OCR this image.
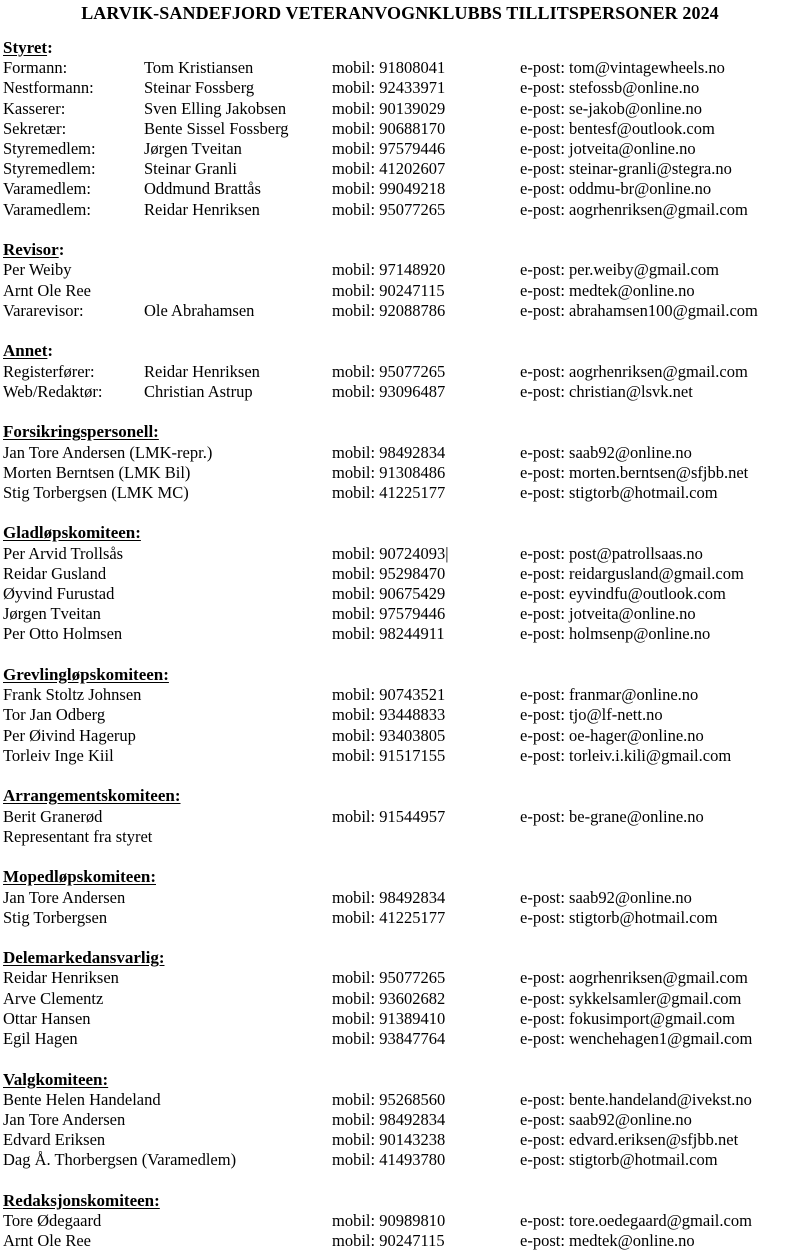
LARVIK-SANDEFJORD VETERANVOGNKLUBBS TILLITSPERSONER 2024
Styret:
Formann:	Tom Kristiansen	mobil: 91808041	e-post: tom@vintagewheels.no
Nestformann:	Steinar Fossberg	mobil: 92433971	e-post: stefossb@online.no
Kasserer:	Sven Elling Jakobsen	mobil: 90139029	e-post: se-jakob@online.no
Sekretær:	Bente Sissel Fossberg	mobil: 90688170	e-post: bentesf@outlook.com
Styremedlem:	Jørgen Tveitan	mobil: 97579446	e-post: jotveita@online.no
Styremedlem:	Steinar Granli	mobil: 41202607	e-post: steinar-granli@stegra.no
Varamedlem:	Oddmund Brattås	mobil: 99049218	e-post: oddmu-br@online.no
Varamedlem:	Reidar Henriksen	mobil: 95077265	e-post: aogrhenriksen@gmail.com
Revisor:
Per Weiby	mobil: 97148920	e-post: per.weiby@gmail.com
Arnt Ole Ree	mobil: 90247115	e-post: medtek@online.no
Vararevisor:	Ole Abrahamsen	mobil: 92088786	e-post: abrahamsen100@gmail.com
Annet:
Registerfører:	Reidar Henriksen	mobil: 95077265	e-post: aogrhenriksen@gmail.com
Web/Redaktør:	Christian Astrup	mobil: 93096487	e-post: christian@lsvk.net
Forsikringspersonell:
Jan Tore Andersen (LMK-repr.)	mobil: 98492834	e-post: saab92@online.no
Morten Berntsen (LMK Bil)	mobil: 91308486	e-post: morten.berntsen@sfjbb.net
Stig Torbergsen (LMK MC)	mobil: 41225177	e-post: stigtorb@hotmail.com
Gladløpskomiteen:
Per Arvid Trollsås	mobil: 90724093|	e-post: post@patrollsaas.no
Reidar Gusland	mobil: 95298470	e-post: reidargusland@gmail.com
Øyvind Furustad	mobil: 90675429	e-post: eyvindfu@outlook.com
Jørgen Tveitan	mobil: 97579446	e-post: jotveita@online.no
Per Otto Holmsen	mobil: 98244911	e-post: holmsenp@online.no
Grevlingløpskomiteen:
Frank Stoltz Johnsen	mobil: 90743521	e-post: franmar@online.no
Tor Jan Odberg	mobil: 93448833	e-post: tjo@lf-nett.no
Per Øivind Hagerup	mobil: 93403805	e-post: oe-hager@online.no
Torleiv Inge Kiil	mobil: 91517155	e-post: torleiv.i.kili@gmail.com
Arrangementskomiteen:
Berit Granerød	mobil: 91544957	e-post: be-grane@online.no
Representant fra styret
Mopedløpskomiteen:
Jan Tore Andersen	mobil: 98492834	e-post: saab92@online.no
Stig Torbergsen	mobil: 41225177	e-post: stigtorb@hotmail.com
Delemarkedansvarlig:
Reidar Henriksen	mobil: 95077265	e-post: aogrhenriksen@gmail.com
Arve Clementz	mobil: 93602682	e-post: sykkelsamler@gmail.com
Ottar Hansen	mobil: 91389410	e-post: fokusimport@gmail.com
Egil Hagen	mobil: 93847764	e-post: wenchehagen1@gmail.com
Valgkomiteen:
Bente Helen Handeland	mobil: 95268560	e-post: bente.handeland@ivekst.no
Jan Tore Andersen	mobil: 98492834	e-post: saab92@online.no
Edvard Eriksen	mobil: 90143238	e-post: edvard.eriksen@sfjbb.net
Dag Å. Thorbergsen (Varamedlem)	mobil: 41493780	e-post: stigtorb@hotmail.com
Redaksjonskomiteen:
Tore Ødegaard	mobil: 90989810	e-post: tore.oedegaard@gmail.com
Arnt Ole Ree	mobil: 90247115	e-post: medtek@online.no
